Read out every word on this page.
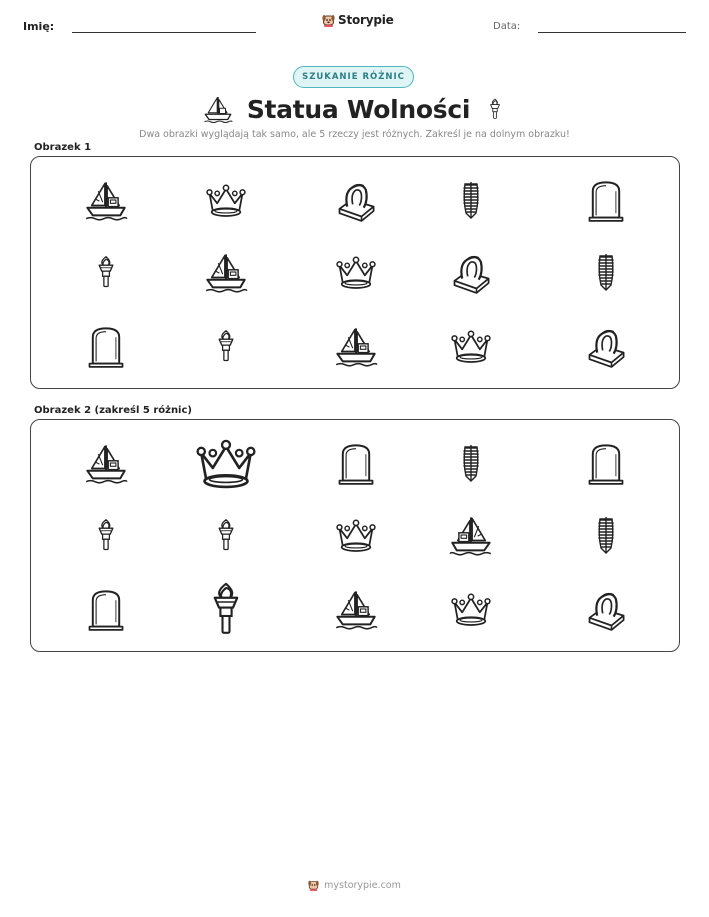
Imię:	Storypie	Data:
SZUKANIE RÓŻNIC
Statua Wolności
Dwa obrazki wyglądają tak samo, ale 5 rzeczy jest różnych. Zakreśl je na dolnym obrazku!
Obrazek 1
Obrazek 2 (zakreśl 5 różnic)
mystorypie.com
